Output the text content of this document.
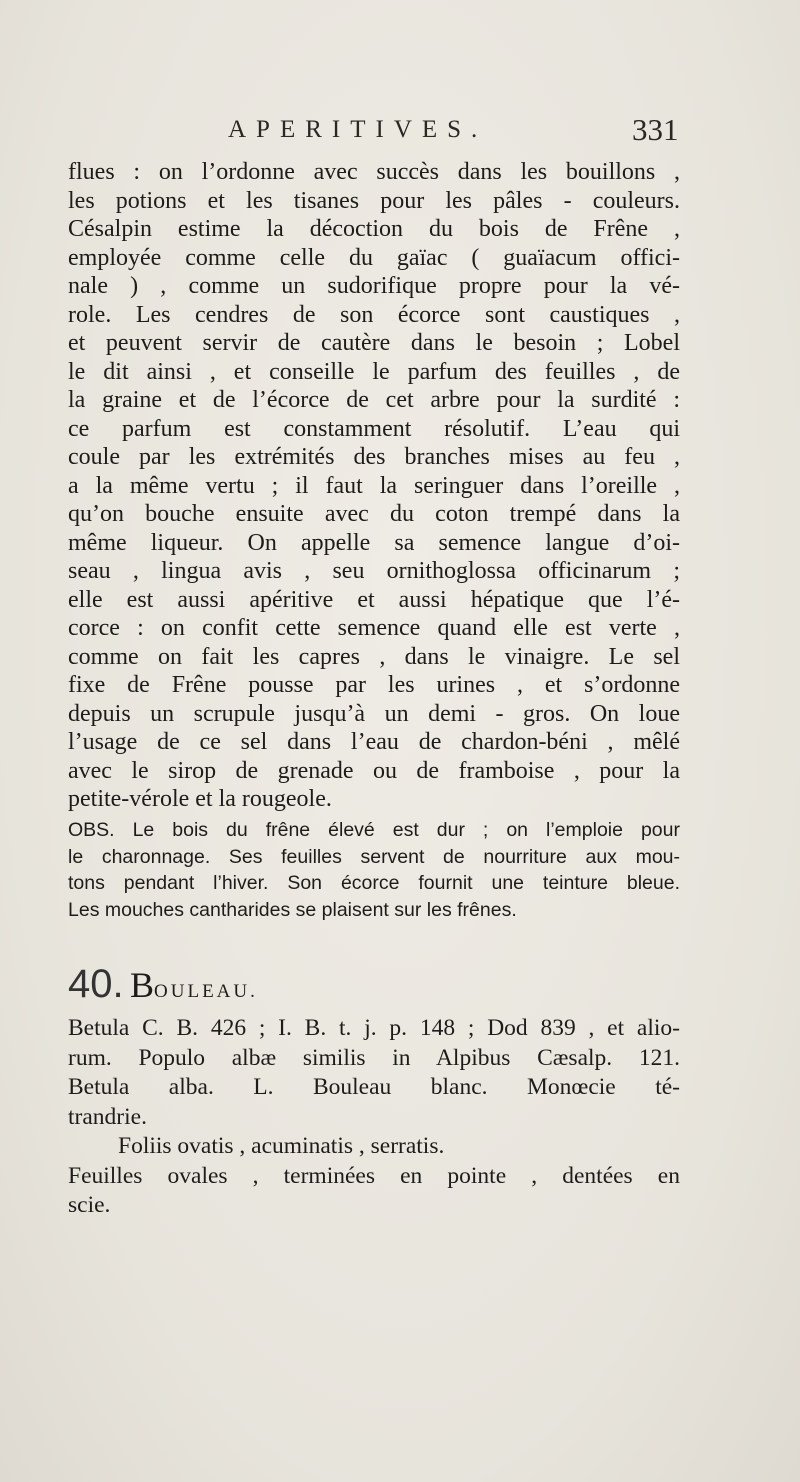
APERITIVES.	331
flues : on l’ordonne avec succès dans les bouillons ,
les potions et les tisanes pour les pâles - couleurs.
Césalpin estime la décoction du bois de Frêne ,
employée comme celle du gaïac ( guaïacum offici-
nale ) , comme un sudorifique propre pour la vé-
role. Les cendres de son écorce sont caustiques ,
et peuvent servir de cautère dans le besoin ; Lobel
le dit ainsi , et conseille le parfum des feuilles , de
la graine et de l’écorce de cet arbre pour la surdité :
ce parfum est constamment résolutif. L’eau qui
coule par les extrémités des branches mises au feu ,
a la même vertu ; il faut la seringuer dans l’oreille ,
qu’on bouche ensuite avec du coton trempé dans la
même liqueur. On appelle sa semence langue d’oi-
seau , lingua avis , seu ornithoglossa officinarum ;
elle est aussi apéritive et aussi hépatique que l’é-
corce : on confit cette semence quand elle est verte ,
comme on fait les capres , dans le vinaigre. Le sel
fixe de Frêne pousse par les urines , et s’ordonne
depuis un scrupule jusqu’à un demi - gros. On loue
l’usage de ce sel dans l’eau de chardon-béni , mêlé
avec le sirop de grenade ou de framboise , pour la
petite-vérole et la rougeole.
OBS. Le bois du frêne élevé est dur ; on l’emploie pour
le charonnage. Ses feuilles servent de nourriture aux mou-
tons pendant l’hiver. Son écorce fournit une teinture bleue.
Les mouches cantharides se plaisent sur les frênes.
40. BOULEAU.
Betula C. B. 426 ; I. B. t. j. p. 148 ; Dod 839 , et alio-
rum. Populo albæ similis in Alpibus Cæsalp. 121.
Betula alba. L. Bouleau blanc. Monœcie té-
trandrie.
Foliis ovatis , acuminatis , serratis.
Feuilles ovales , terminées en pointe , dentées en
scie.
